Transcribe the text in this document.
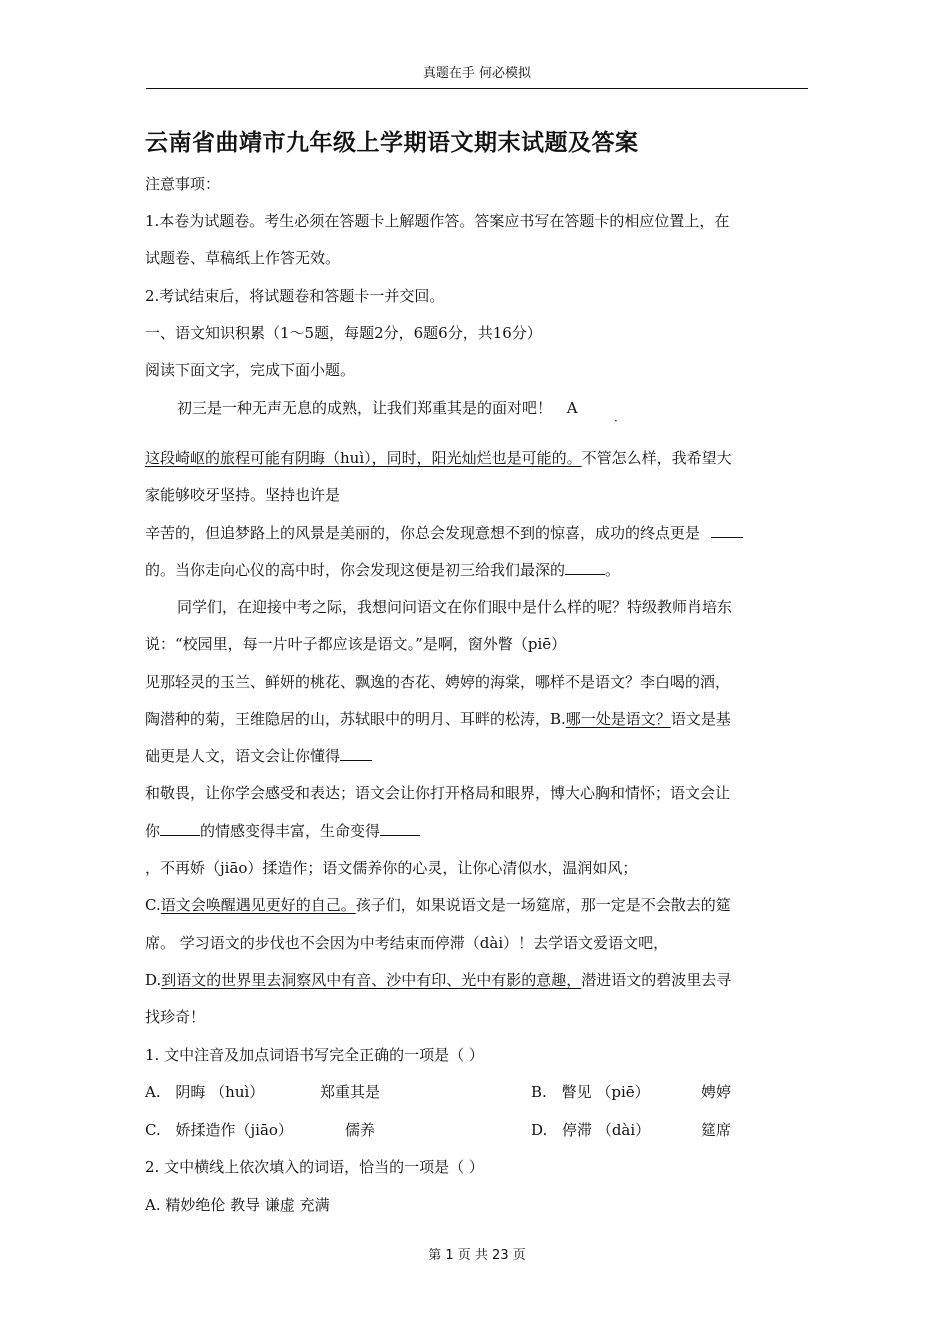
真题在手 何必模拟
云南省曲靖市九年级上学期语文期末试题及答案
注意事项：
1.本卷为试题卷。考生必须在答题卡上解题作答。答案应书写在答题卡的相应位置上，在
试题卷、草稿纸上作答无效。
2.考试结束后，将试题卷和答题卡一并交回。
一、语文知识积累（1～5题，每题2分，6题6分，共16分）
阅读下面文字，完成下面小题。
初三是一种无声无息的成熟，让我们郑重其是的面对吧！ A
·
这段崎岖的旅程可能有阴晦（huì），同时，阳光灿烂也是可能的。不管怎么样，我希望大
家能够咬牙坚持。坚持也许是
辛苦的，但追梦路上的风景是美丽的，你总会发现意想不到的惊喜，成功的终点更是
的。当你走向心仪的高中时，你会发现这便是初三给我们最深的	。
同学们，在迎接中考之际，我想问问语文在你们眼中是什么样的呢？特级教师肖培东
说：“校园里，每一片叶子都应该是语文。”是啊，窗外瞥（piē）
见那轻灵的玉兰、鲜妍的桃花、飘逸的杏花、娉婷的海棠，哪样不是语文？李白喝的酒，
陶潜种的菊，王维隐居的山，苏轼眼中的明月、耳畔的松涛，B.哪一处是语文？语文是基
础更是人文，语文会让你懂得
和敬畏，让你学会感受和表达；语文会让你打开格局和眼界，博大心胸和情怀；语文会让
你	的情感变得丰富，生命变得
，不再娇（jiāo）揉造作；语文儒养你的心灵，让你心清似水，温润如风；
C.语文会唤醒遇见更好的自己。孩子们，如果说语文是一场筵席，那一定是不会散去的筵
席。 学习语文的步伐也不会因为中考结束而停滞（dài）！去学语文爱语文吧，
D.到语文的世界里去洞察风中有音、沙中有印、光中有影的意趣，潜进语文的碧波里去寻
找珍奇！
1. 文中注音及加点词语书写完全正确的一项是（ ）
A. 阴晦 （huì）	郑重其是	B. 瞥见 （piē）	娉婷
C. 娇揉造作（jiāo）	儒养	D. 停滞 （dài）	筵席
2. 文中横线上依次填入的词语，恰当的一项是（ ）
A. 精妙绝伦 教导 谦虚 充满
第 1 页 共 23 页
